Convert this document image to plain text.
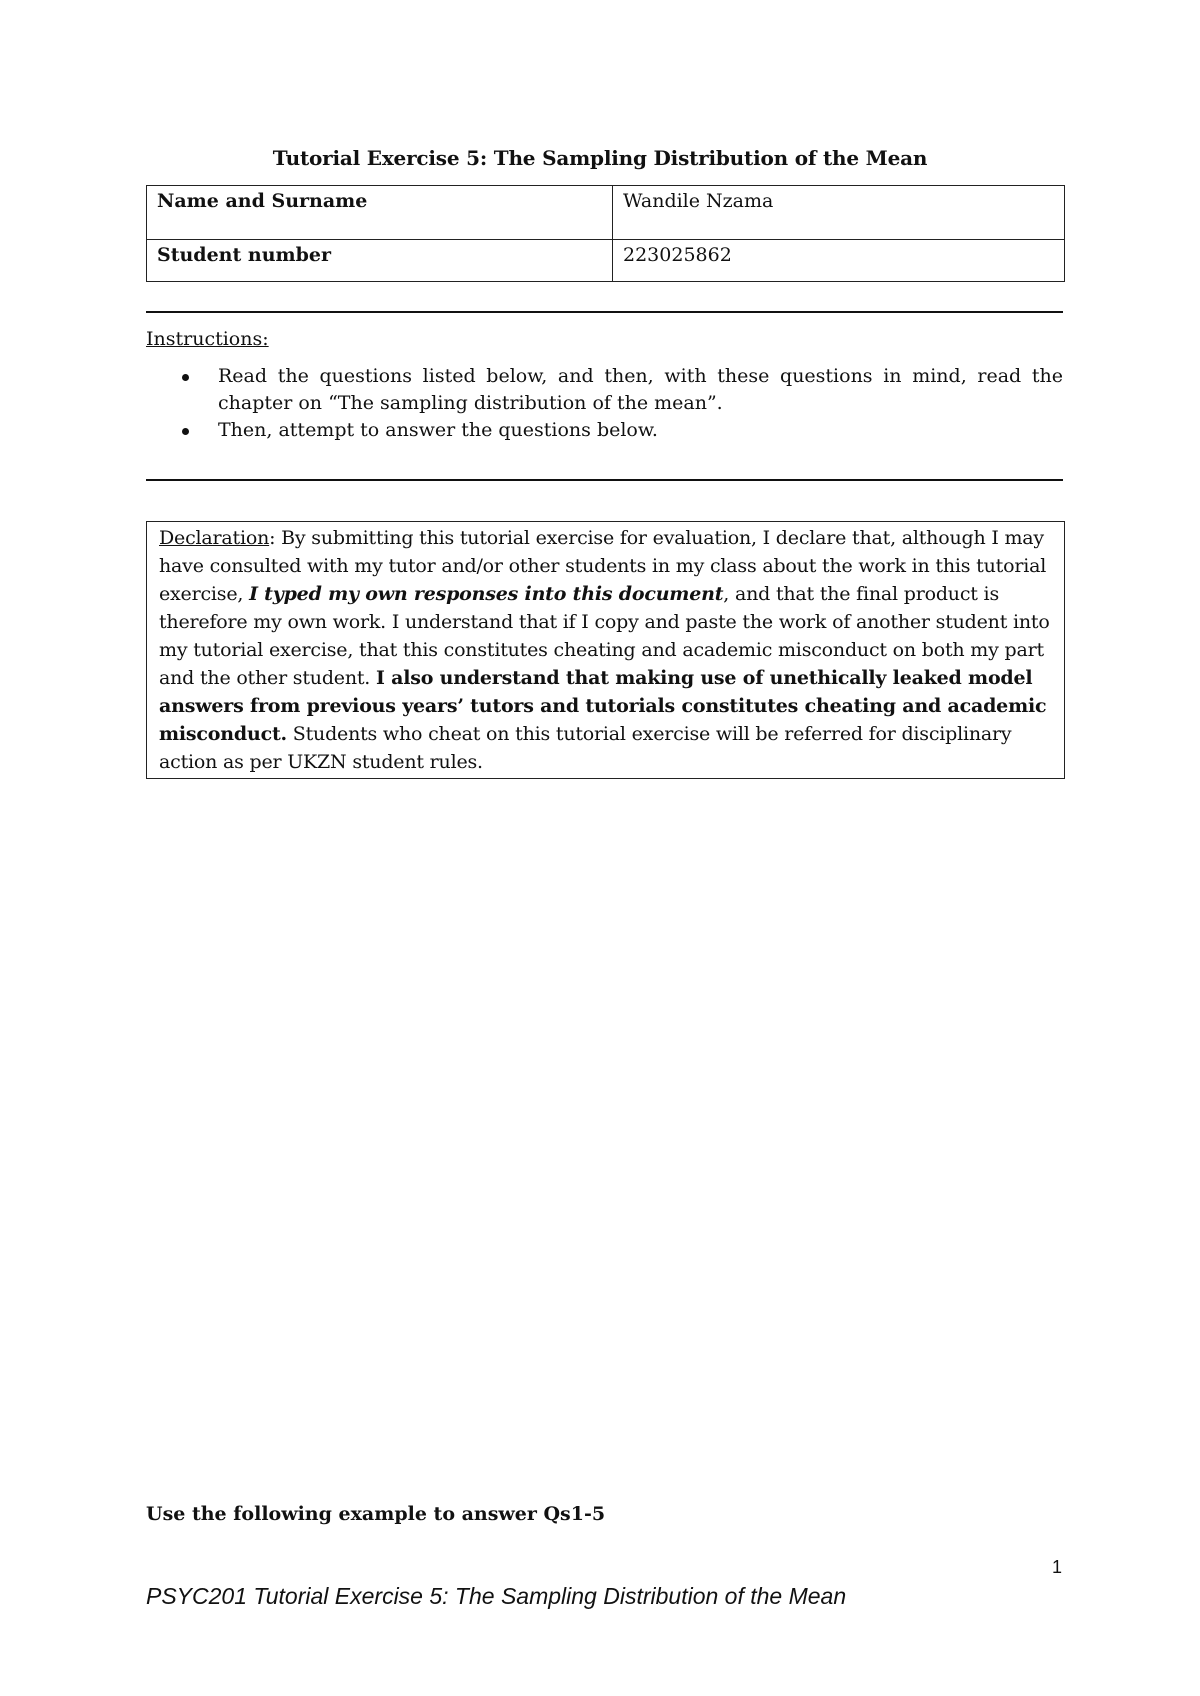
Tutorial Exercise 5: The Sampling Distribution of the Mean
Name and Surname	Wandile Nzama
Student number	223025862
Instructions:
Read the questions listed below, and then, with these questions in mind, read the chapter on “The sampling distribution of the mean”.
Then, attempt to answer the questions below.
Declaration: By submitting this tutorial exercise for evaluation, I declare that, although I may have consulted with my tutor and/or other students in my class about the work in this tutorial exercise, I typed my own responses into this document, and that the final product is therefore my own work. I understand that if I copy and paste the work of another student into my tutorial exercise, that this constitutes cheating and academic misconduct on both my part and the other student. I also understand that making use of unethically leaked model answers from previous years’ tutors and tutorials constitutes cheating and academic misconduct. Students who cheat on this tutorial exercise will be referred for disciplinary action as per UKZN student rules.
Use the following example to answer Qs1-5
1
PSYC201 Tutorial Exercise 5: The Sampling Distribution of the Mean
